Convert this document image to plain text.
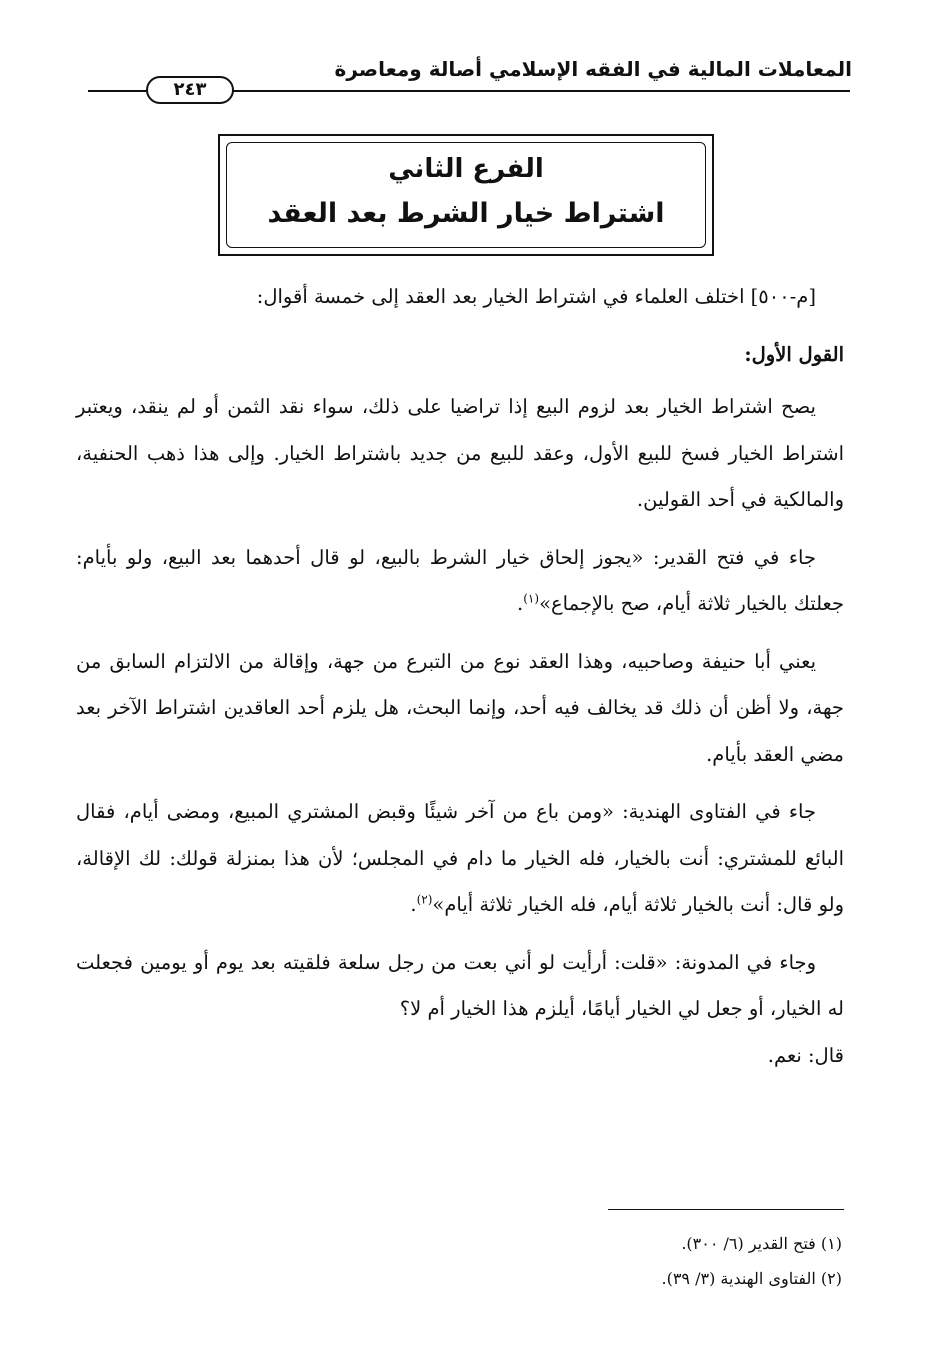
المعاملات المالية في الفقه الإسلامي أصالة ومعاصرة
٢٤٣
الفرع الثاني
اشتراط خيار الشرط بعد العقد

[م-٥٠٠] اختلف العلماء في اشتراط الخيار بعد العقد إلى خمسة أقوال:

القول الأول:

يصح اشتراط الخيار بعد لزوم البيع إذا تراضيا على ذلك، سواء نقد الثمن أو لم ينقد، ويعتبر اشتراط الخيار فسخ للبيع الأول، وعقد للبيع من جديد باشتراط الخيار. وإلى هذا ذهب الحنفية، والمالكية في أحد القولين.

جاء في فتح القدير: «يجوز إلحاق خيار الشرط بالبيع، لو قال أحدهما بعد البيع، ولو بأيام: جعلتك بالخيار ثلاثة أيام، صح بالإجماع»$^{(١)}$.

يعني أبا حنيفة وصاحبيه، وهذا العقد نوع من التبرع من جهة، وإقالة من الالتزام السابق من جهة، ولا أظن أن ذلك قد يخالف فيه أحد، وإنما البحث، هل يلزم أحد العاقدين اشتراط الآخر بعد مضي العقد بأيام.

جاء في الفتاوى الهندية: «ومن باع من آخر شيئًا وقبض المشتري المبيع، ومضى أيام، فقال البائع للمشتري: أنت بالخيار، فله الخيار ما دام في المجلس؛ لأن هذا بمنزلة قولك: لك الإقالة، ولو قال: أنت بالخيار ثلاثة أيام، فله الخيار ثلاثة أيام»$^{(٢)}$.

وجاء في المدونة: «قلت: أرأيت لو أني بعت من رجل سلعة فلقيته بعد يوم أو يومين فجعلت له الخيار، أو جعل لي الخيار أيامًا، أيلزم هذا الخيار أم لا؟

قال: نعم.

(١) فتح القدير (٦/ ٣٠٠).
(٢) الفتاوى الهندية (٣/ ٣٩).
